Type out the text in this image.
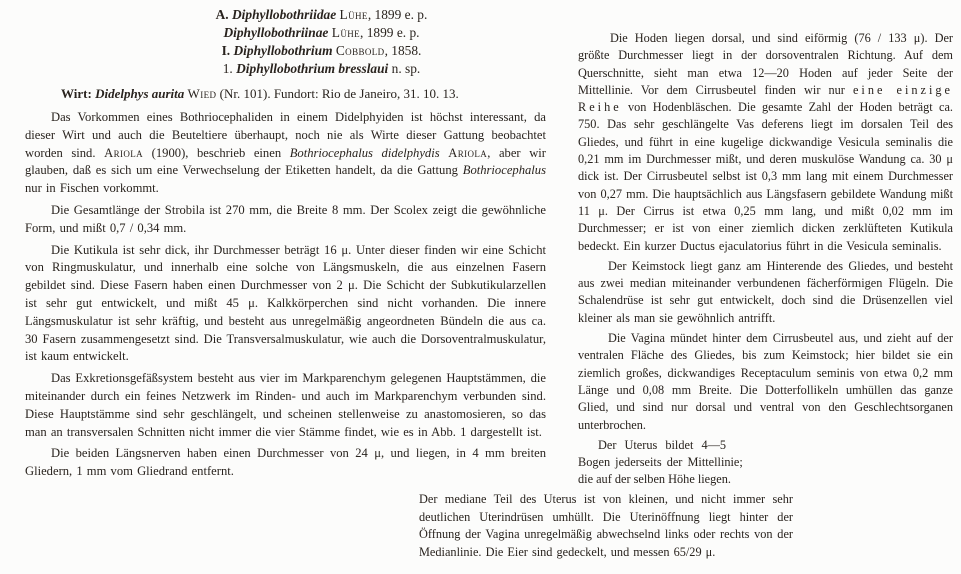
A. Diphyllobothriidae Lühe, 1899 e. p.
Diphyllobothriinae Lühe, 1899 e. p.
I. Diphyllobothrium Cobbold, 1858.
1. Diphyllobothrium bresslaui n. sp.
Wirt: Didelphys aurita Wied (Nr. 101). Fundort: Rio de Janeiro, 31. 10. 13.
Das Vorkommen eines Bothriocephaliden in einem Didelphyiden ist höchst interessant, da dieser Wirt und auch die Beuteltiere überhaupt, noch nie als Wirte dieser Gattung beobachtet worden sind. Ariola (1900), beschrieb einen Bothriocephalus didelphydis Ariola, aber wir glauben, daß es sich um eine Verwechselung der Etiketten handelt, da die Gattung Bothriocephalus nur in Fischen vorkommt.
Die Gesamtlänge der Strobila ist 270 mm, die Breite 8 mm. Der Scolex zeigt die gewöhnliche Form, und mißt 0,7 / 0,34 mm.
Die Kutikula ist sehr dick, ihr Durchmesser beträgt 16 μ. Unter dieser finden wir eine Schicht von Ringmuskulatur, und innerhalb eine solche von Längsmuskeln, die aus einzelnen Fasern gebildet sind. Diese Fasern haben einen Durchmesser von 2 μ. Die Schicht der Subkutikularzellen ist sehr gut entwickelt, und mißt 45 μ. Kalkkörperchen sind nicht vorhanden. Die innere Längsmuskulatur ist sehr kräftig, und besteht aus unregelmäßig angeordneten Bündeln die aus ca. 30 Fasern zusammengesetzt sind. Die Transversalmuskulatur, wie auch die Dorsoventralmuskulatur, ist kaum entwickelt.
Das Exkretionsgefäßsystem besteht aus vier im Markparenchym gelegenen Hauptstämmen, die miteinander durch ein feines Netzwerk im Rinden- und auch im Markparenchym verbunden sind. Diese Hauptstämme sind sehr geschlängelt, und scheinen stellenweise zu anastomosieren, so das man an transversalen Schnitten nicht immer die vier Stämme findet, wie es in Abb. 1 dargestellt ist.
Die beiden Längsnerven haben einen Durchmesser von 24 μ, und liegen, in 4 mm breiten Gliedern, 1 mm vom Gliedrand entfernt.
Die Hoden liegen dorsal, und sind eiförmig (76 / 133 μ). Der größte Durchmesser liegt in der dorsoventralen Richtung. Auf dem Querschnitte, sieht man etwa 12—20 Hoden auf jeder Seite der Mittellinie. Vor dem Cirrusbeutel finden wir nur eine einzige Reihe von Hodenbläschen. Die gesamte Zahl der Hoden beträgt ca. 750. Das sehr geschlängelte Vas deferens liegt im dorsalen Teil des Gliedes, und führt in eine kugelige dickwandige Vesicula seminalis die 0,21 mm im Durchmesser mißt, und deren muskulöse Wandung ca. 30 μ dick ist. Der Cirrusbeutel selbst ist 0,3 mm lang mit einem Durchmesser von 0,27 mm. Die hauptsächlich aus Längsfasern gebildete Wandung mißt 11 μ. Der Cirrus ist etwa 0,25 mm lang, und mißt 0,02 mm im Durchmesser; er ist von einer ziemlich dicken zerklüfteten Kutikula bedeckt. Ein kurzer Ductus ejaculatorius führt in die Vesicula seminalis.
Der Keimstock liegt ganz am Hinterende des Gliedes, und besteht aus zwei median miteinander verbundenen fächerförmigen Flügeln. Die Schalendrüse ist sehr gut entwickelt, doch sind die Drüsenzellen viel kleiner als man sie gewöhnlich antrifft.
Die Vagina mündet hinter dem Cirrusbeutel aus, und zieht auf der ventralen Fläche des Gliedes, bis zum Keimstock; hier bildet sie ein ziemlich großes, dickwandiges Receptaculum seminis von etwa 0,2 mm Länge und 0,08 mm Breite. Die Dotterfollikeln umhüllen das ganze Glied, und sind nur dorsal und ventral von den Geschlechtsorganen unterbrochen.
Der Uterus bildet 4—5
Bogen jederseits der Mittellinie;
die auf der selben Höhe liegen.
Der mediane Teil des Uterus ist von kleinen, und nicht immer sehr deutlichen Uterindrüsen umhüllt. Die Uterinöffnung liegt hinter der Öffnung der Vagina unregelmäßig abwechselnd links oder rechts von der Medianlinie. Die Eier sind gedeckelt, und messen 65/29 μ.
